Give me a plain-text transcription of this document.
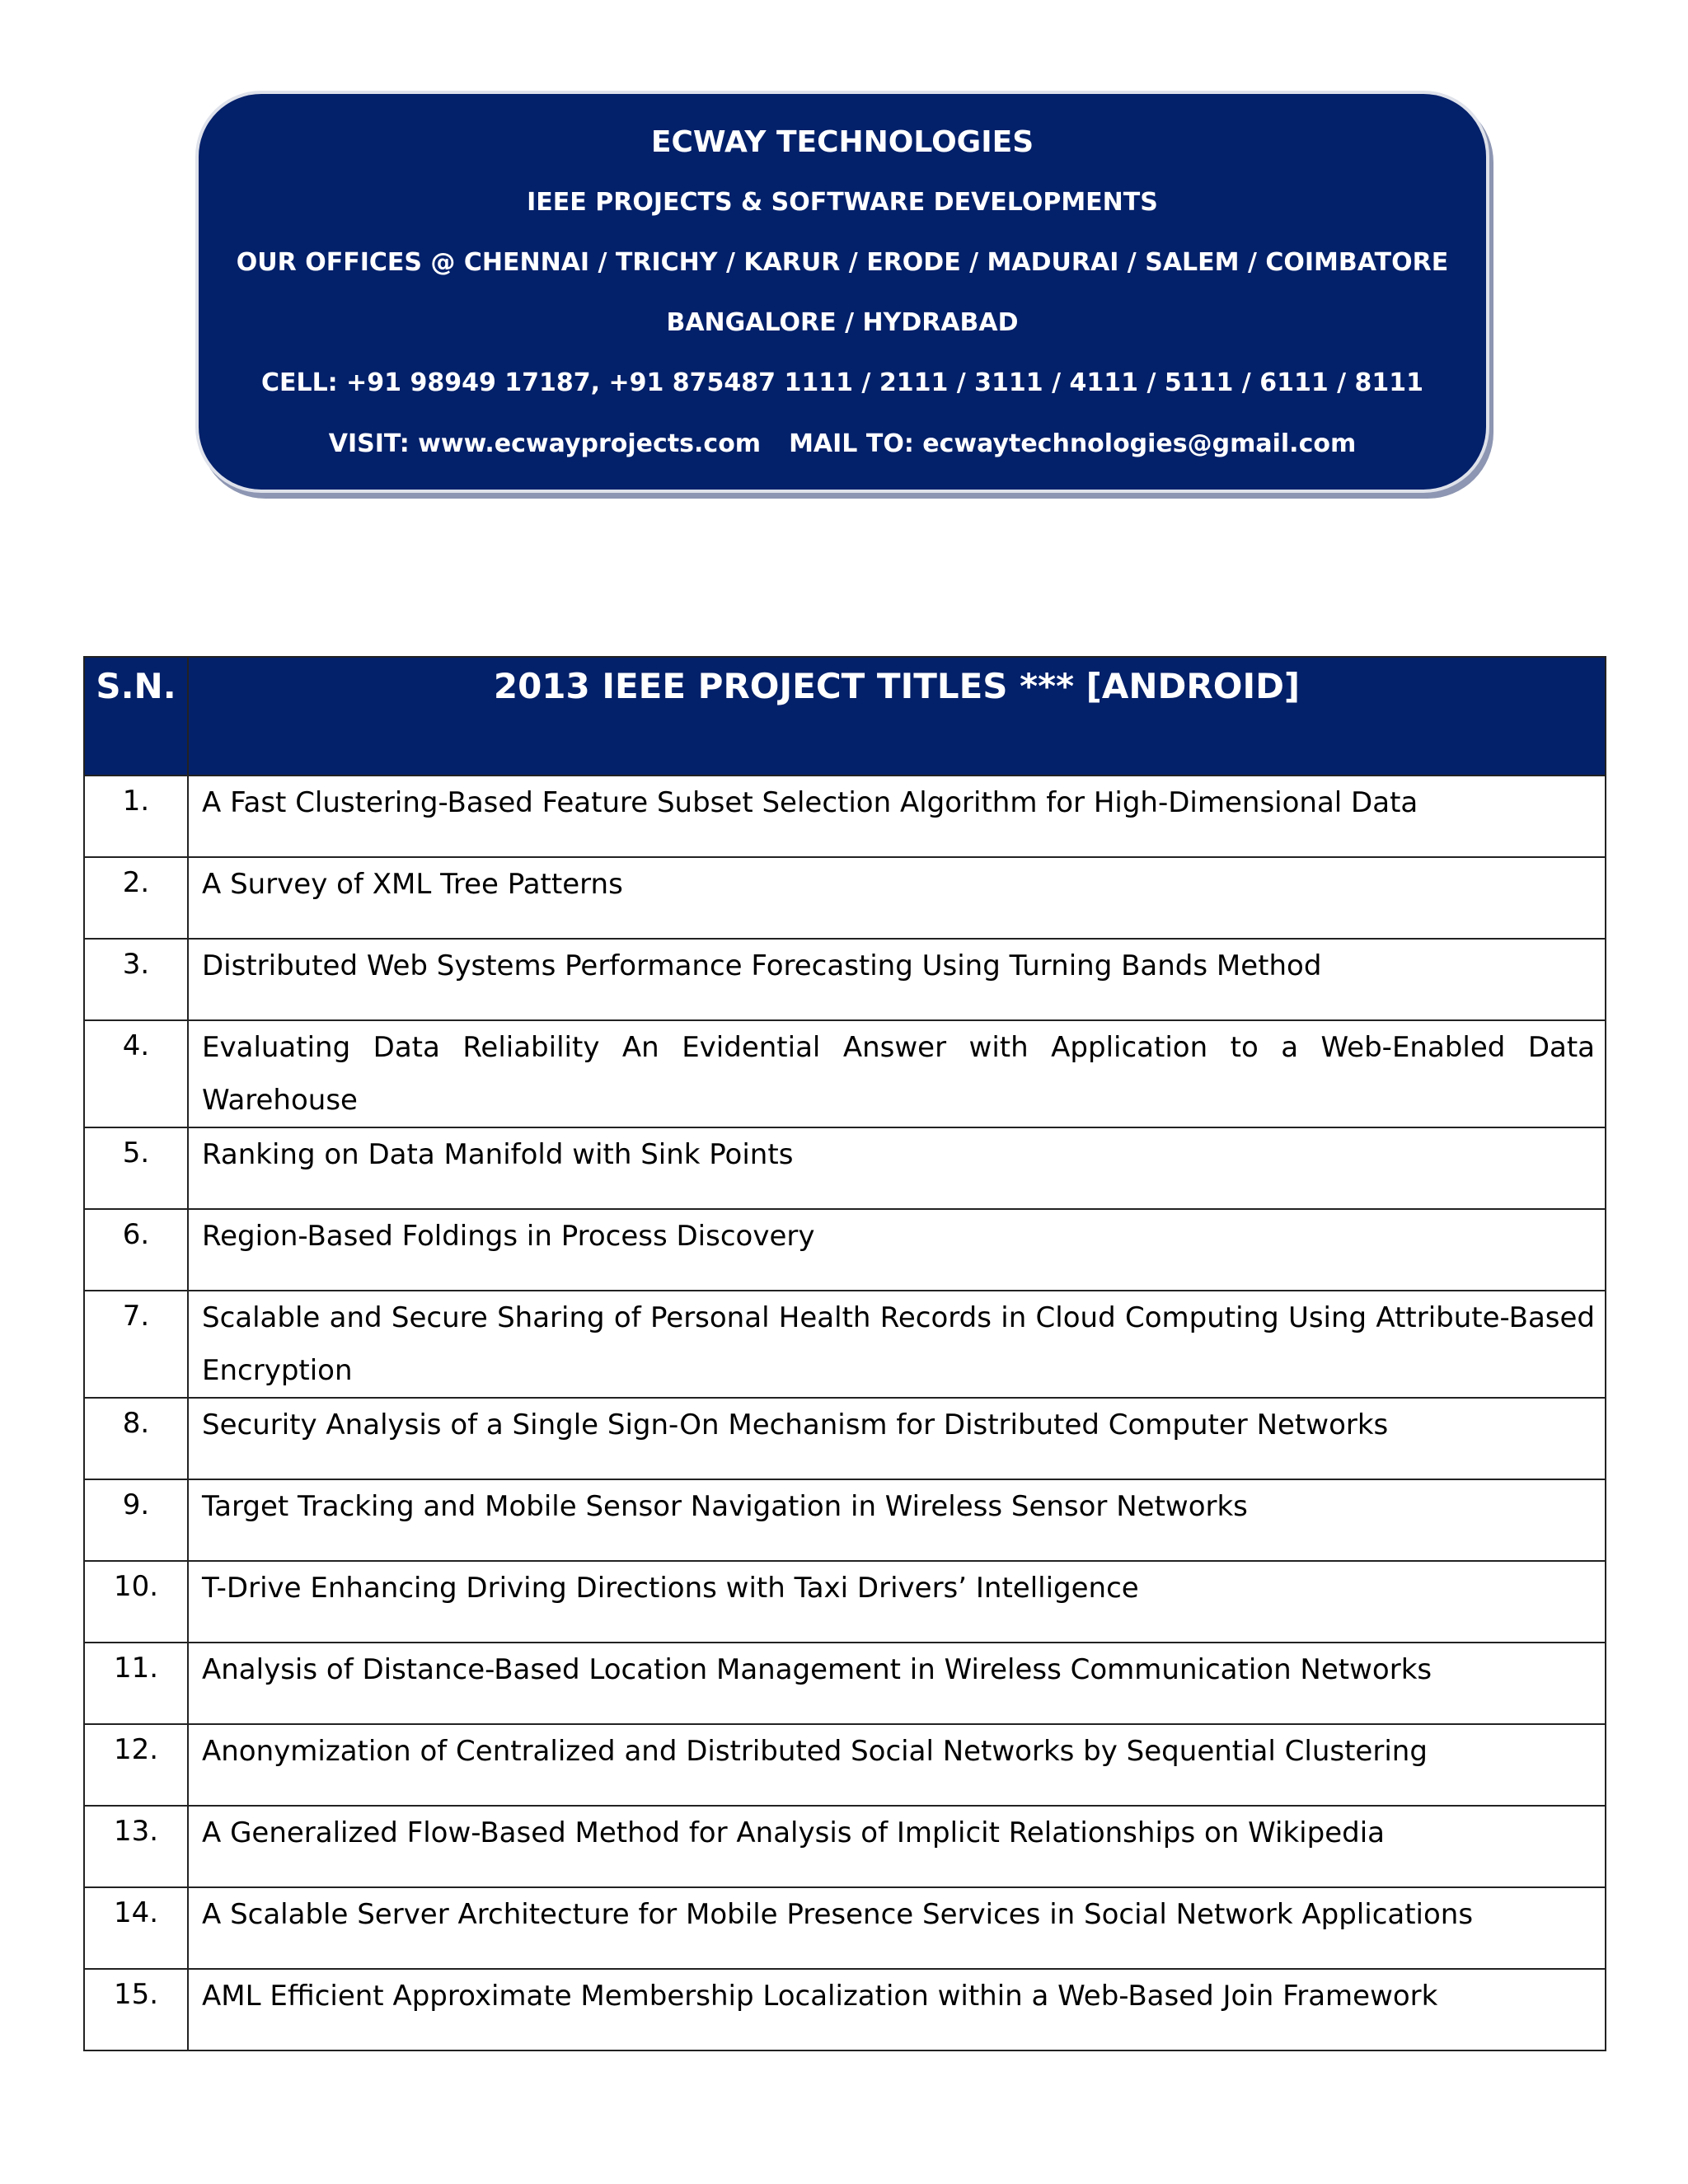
ECWAY TECHNOLOGIES
IEEE PROJECTS & SOFTWARE DEVELOPMENTS
OUR OFFICES @ CHENNAI / TRICHY / KARUR / ERODE / MADURAI / SALEM / COIMBATORE
BANGALORE / HYDRABAD
CELL: +91 98949 17187, +91 875487 1111 / 2111 / 3111 / 4111 / 5111 / 6111 / 8111
VISIT: www.ecwayprojects.com MAIL TO: ecwaytechnologies@gmail.com
S.N.	2013 IEEE PROJECT TITLES *** [ANDROID]
1.	A Fast Clustering-Based Feature Subset Selection Algorithm for High-Dimensional Data
2.	A Survey of XML Tree Patterns
3.	Distributed Web Systems Performance Forecasting Using Turning Bands Method
4.	Evaluating Data Reliability An Evidential Answer with Application to a Web-Enabled Data Warehouse
5.	Ranking on Data Manifold with Sink Points
6.	Region-Based Foldings in Process Discovery
7.	Scalable and Secure Sharing of Personal Health Records in Cloud Computing Using Attribute-Based Encryption
8.	Security Analysis of a Single Sign-On Mechanism for Distributed Computer Networks
9.	Target Tracking and Mobile Sensor Navigation in Wireless Sensor Networks
10.	T-Drive Enhancing Driving Directions with Taxi Drivers’ Intelligence
11.	Analysis of Distance-Based Location Management in Wireless Communication Networks
12.	Anonymization of Centralized and Distributed Social Networks by Sequential Clustering
13.	A Generalized Flow-Based Method for Analysis of Implicit Relationships on Wikipedia
14.	A Scalable Server Architecture for Mobile Presence Services in Social Network Applications
15.	AML Efficient Approximate Membership Localization within a Web-Based Join Framework
